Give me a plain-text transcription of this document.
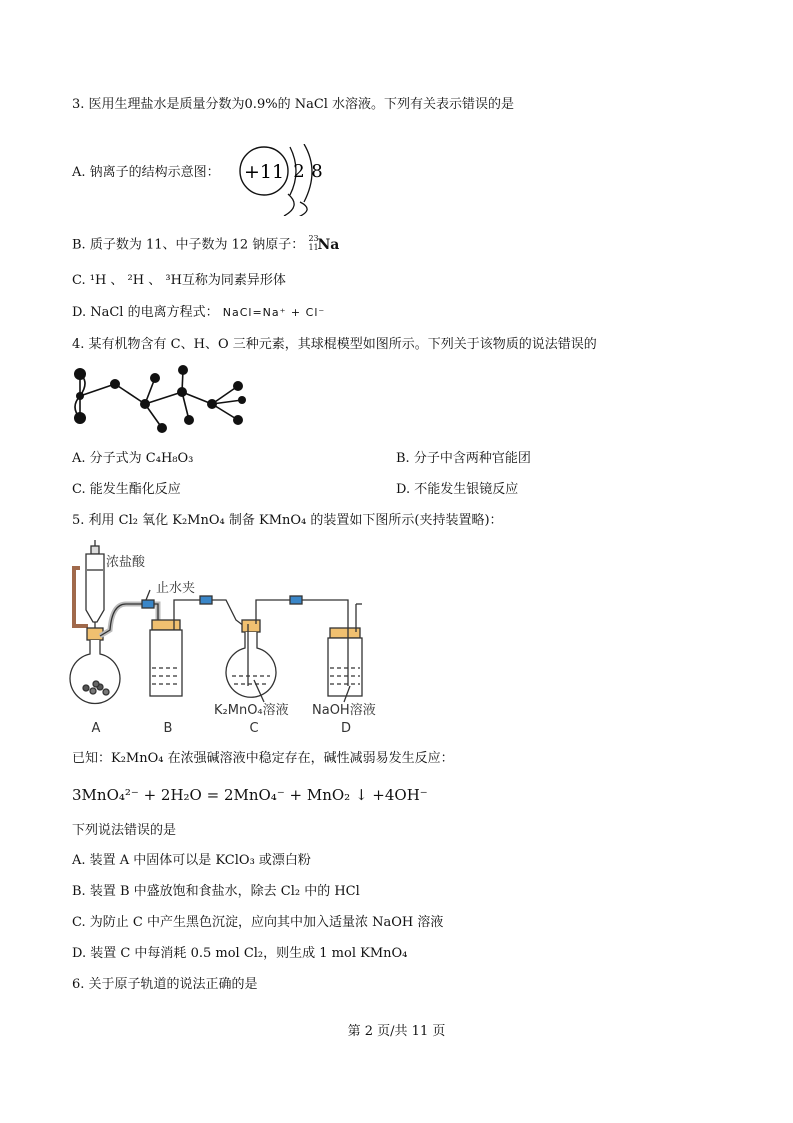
3. 医用生理盐水是质量分数为0.9%的 NaCl 水溶液。下列有关表示错误的是
A. 钠离子的结构示意图： +11 2 8
B. 质子数为 11、中子数为 12 钠原子： 23
11
Na
C. ¹H 、 ²H 、 ³H互称为同素异形体
D. NaCl 的电离方程式： NaCl=Na⁺ + Cl⁻
4. 某有机物含有 C、H、O 三种元素，其球棍模型如图所示。下列关于该物质的说法错误的
A. 分子式为 C₄H₈O₃	B. 分子中含两种官能团
C. 能发生酯化反应	D. 不能发生银镜反应
5. 利用 Cl₂ 氧化 K₂MnO₄ 制备 KMnO₄ 的装置如下图所示(夹持装置略)：
浓盐酸
止水夹
K₂MnO₄溶液 NaOH溶液
A	B	C	D
已知：K₂MnO₄ 在浓强碱溶液中稳定存在，碱性减弱易发生反应：
3MnO₄²⁻ + 2H₂O = 2MnO₄⁻ + MnO₂ ↓ +4OH⁻
下列说法错误的是
A. 装置 A 中固体可以是 KClO₃ 或漂白粉
B. 装置 B 中盛放饱和食盐水，除去 Cl₂ 中的 HCl
C. 为防止 C 中产生黑色沉淀，应向其中加入适量浓 NaOH 溶液
D. 装置 C 中每消耗 0.5 mol Cl₂，则生成 1 mol KMnO₄
6. 关于原子轨道的说法正确的是
第 2 页/共 11 页
